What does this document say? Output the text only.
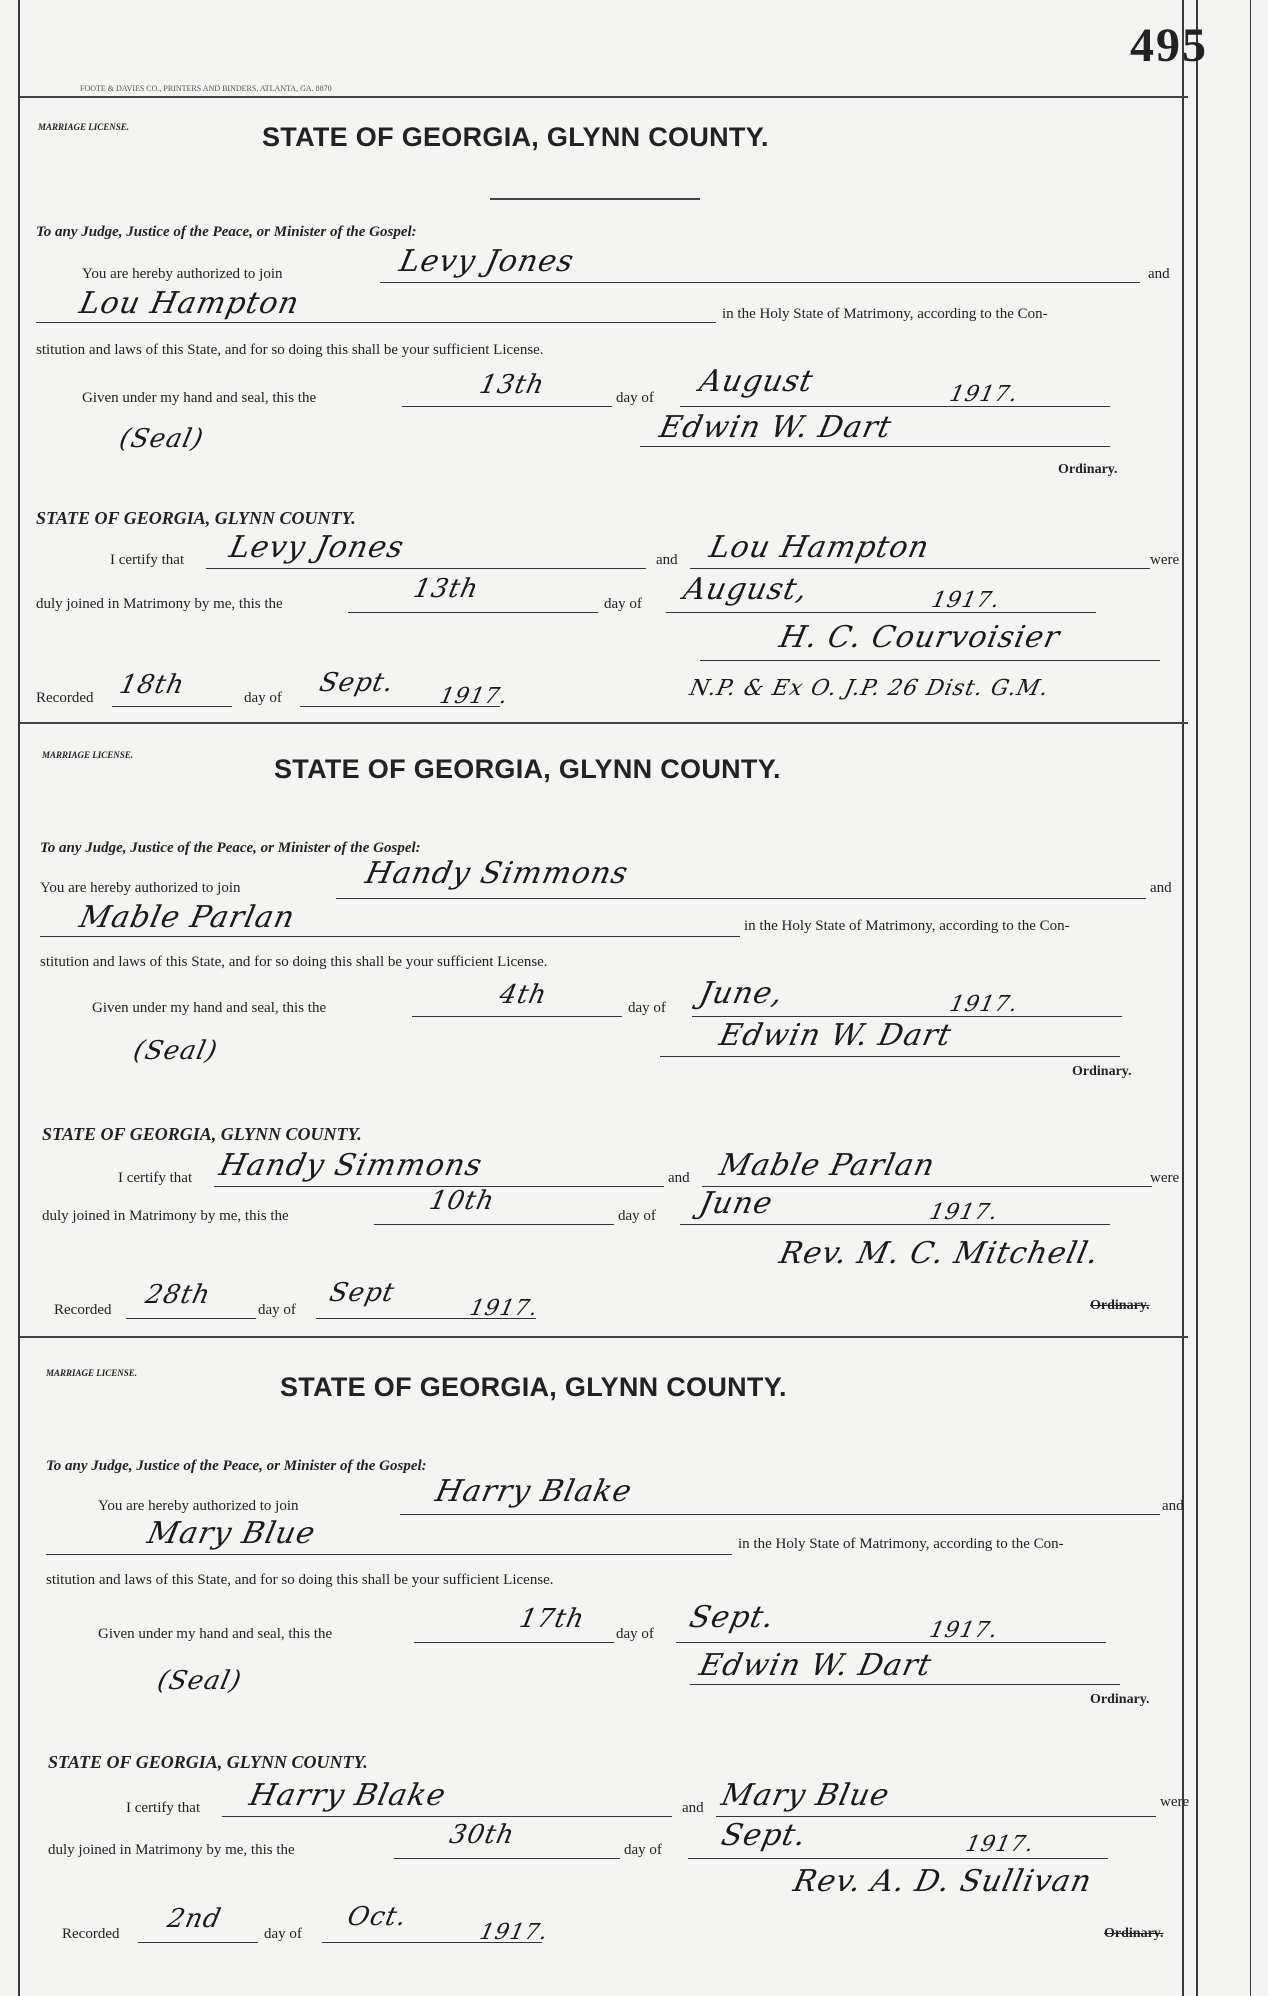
495
FOOTE & DAVIES CO., PRINTERS AND BINDERS, ATLANTA, GA. 8870
MARRIAGE LICENSE.	STATE OF GEORGIA, GLYNN COUNTY.
To any Judge, Justice of the Peace, or Minister of the Gospel:
You are hereby authorized to join	Levy Jones	and
Lou Hampton	in the Holy State of Matrimony, according to the Con-
stitution and laws of this State, and for so doing this shall be your sufficient License.
Given under my hand and seal, this the	13th	day of August	1917.
(Seal)	Edwin W. Dart
Ordinary.
STATE OF GEORGIA, GLYNN COUNTY.
I certify that Levy Jones	and Lou Hampton	were
duly joined in Matrimony by me, this the	13th	day of August,	1917.
H. C. Courvoisier
Recorded 18th	day of Sept. 1917.	N.P. & Ex O. J.P. 26 Dist. G.M.
MARRIAGE LICENSE.	STATE OF GEORGIA, GLYNN COUNTY.
To any Judge, Justice of the Peace, or Minister of the Gospel:
You are hereby authorized to join	Handy Simmons	and
Mable Parlan	in the Holy State of Matrimony, according to the Con-
stitution and laws of this State, and for so doing this shall be your sufficient License.
Given under my hand and seal, this the	4th	day of June,	1917.
(Seal)	Edwin W. Dart
Ordinary.
STATE OF GEORGIA, GLYNN COUNTY.
I certify that Handy Simmons	and Mable Parlan	were
duly joined in Matrimony by me, this the	10th	day of June	1917.
Rev. M. C. Mitchell.
Recorded 28th	day of
Sept
1917.	Ordinary.
MARRIAGE LICENSE.	STATE OF GEORGIA, GLYNN COUNTY.
To any Judge, Justice of the Peace, or Minister of the Gospel:
You are hereby authorized to join	Harry Blake	and
Mary Blue	in the Holy State of Matrimony, according to the Con-
stitution and laws of this State, and for so doing this shall be your sufficient License.
Given under my hand and seal, this the	17th day of Sept.	1917.
(Seal)	Edwin W. Dart
Ordinary.
STATE OF GEORGIA, GLYNN COUNTY.
I certify that Harry Blake	and Mary Blue	were
duly joined in Matrimony by me, this the	30th	day of Sept.	1917.
Rev. A. D. Sullivan
Recorded 2nd	day of
Oct.
1917.	Ordinary.
